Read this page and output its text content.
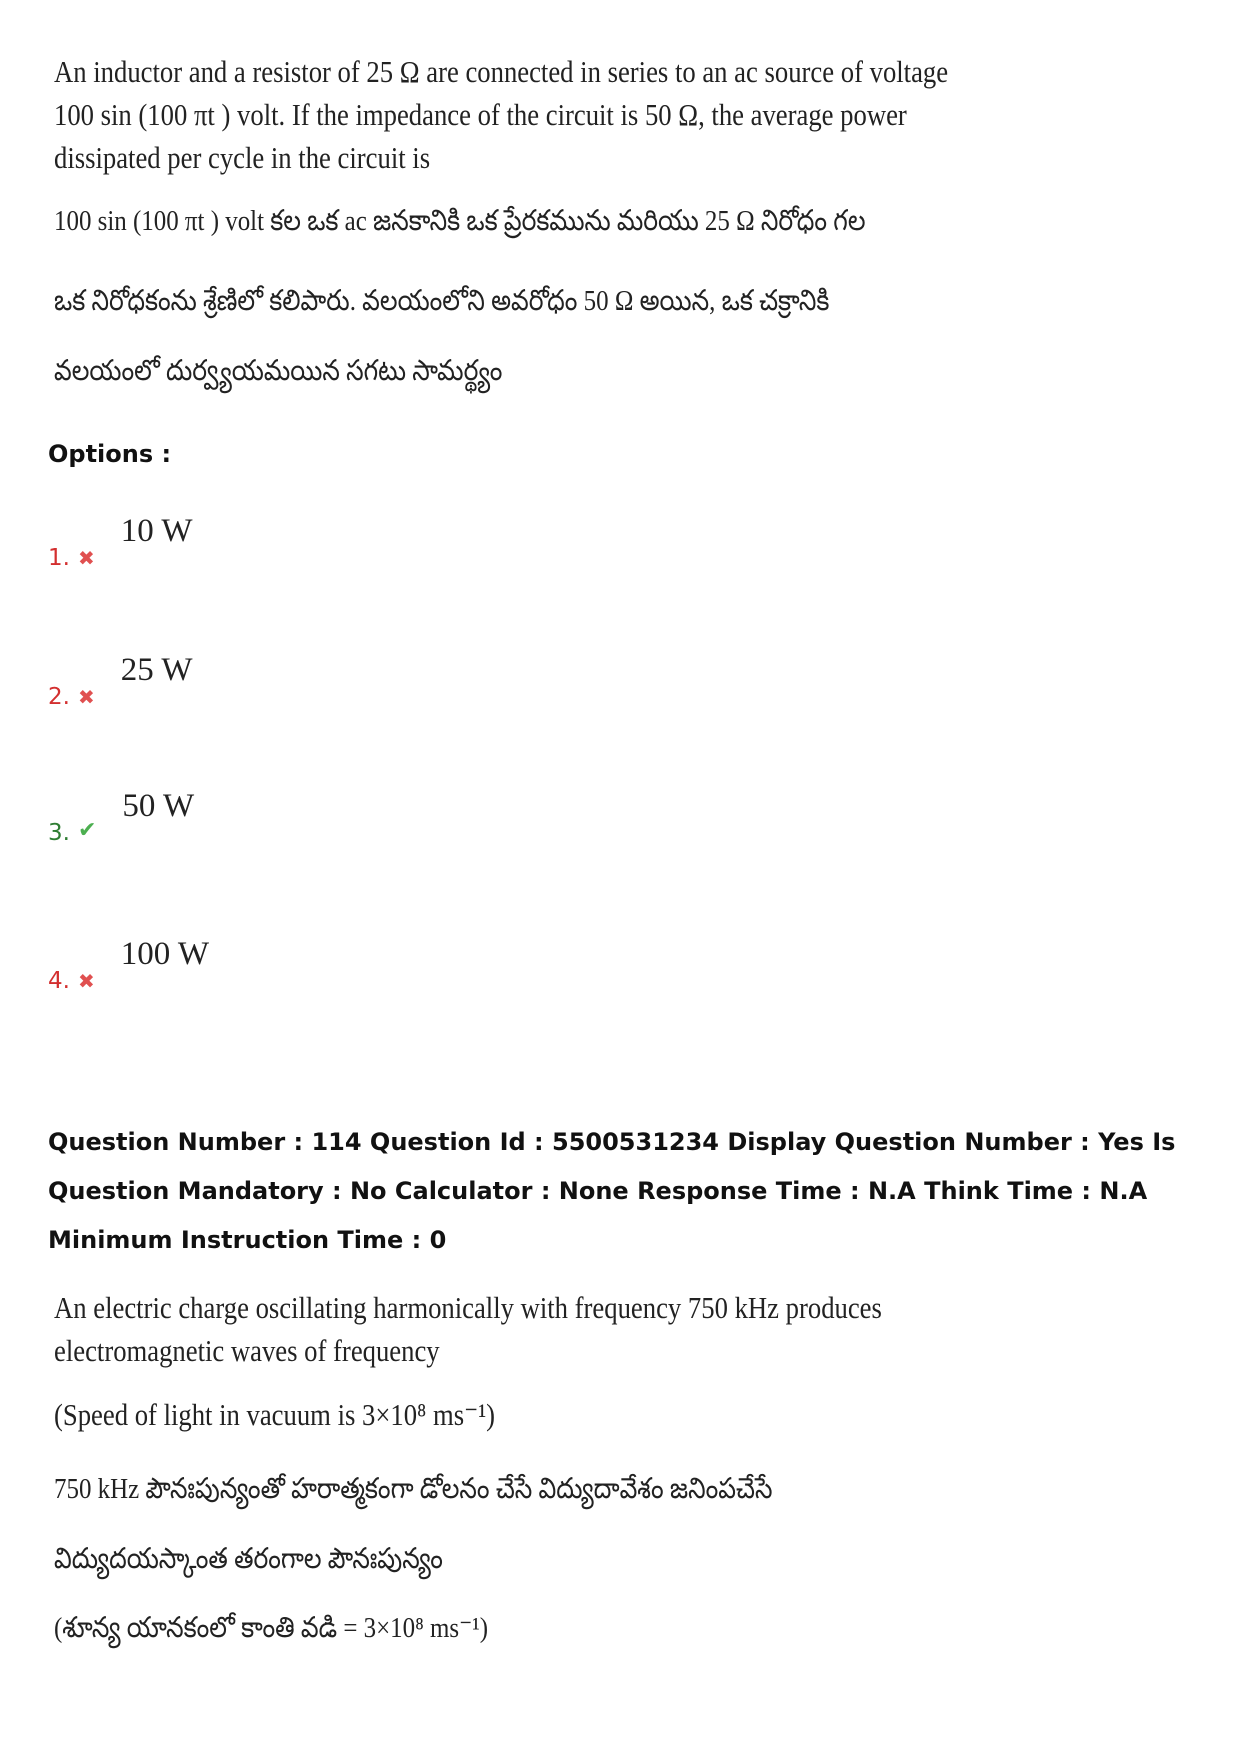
An inductor and a resistor of 25 Ω are connected in series to an ac source of voltage 100 sin (100 πt ) volt. If the impedance of the circuit is 50 Ω, the average power dissipated per cycle in the circuit is
100 sin (100 πt ) volt కల ఒక ac జనకానికి ఒక ప్రేరకమును మరియు 25 Ω నిరోధం గల
ఒక నిరోధకంను శ్రేణిలో కలిపారు. వలయంలోని అవరోధం 50 Ω అయిన, ఒక చక్రానికి
వలయంలో దుర్వ్యయమయిన సగటు సామర్థ్యం
Options :
1. ✖
10 W
2. ✖
25 W
3. ✔
50 W
4. ✖
100 W
Question Number : 114 Question Id : 5500531234 Display Question Number : Yes Is Question Mandatory : No Calculator : None Response Time : N.A Think Time : N.A Minimum Instruction Time : 0
An electric charge oscillating harmonically with frequency 750 kHz produces electromagnetic waves of frequency
(Speed of light in vacuum is 3×10⁸ ms⁻¹)
750 kHz పౌనఃపున్యంతో హరాత్మకంగా డోలనం చేసే విద్యుదావేశం జనింపచేసే
విద్యుదయస్కాంత తరంగాల పౌనఃపున్యం
(శూన్య యానకంలో కాంతి వడి = 3×10⁸ ms⁻¹)
